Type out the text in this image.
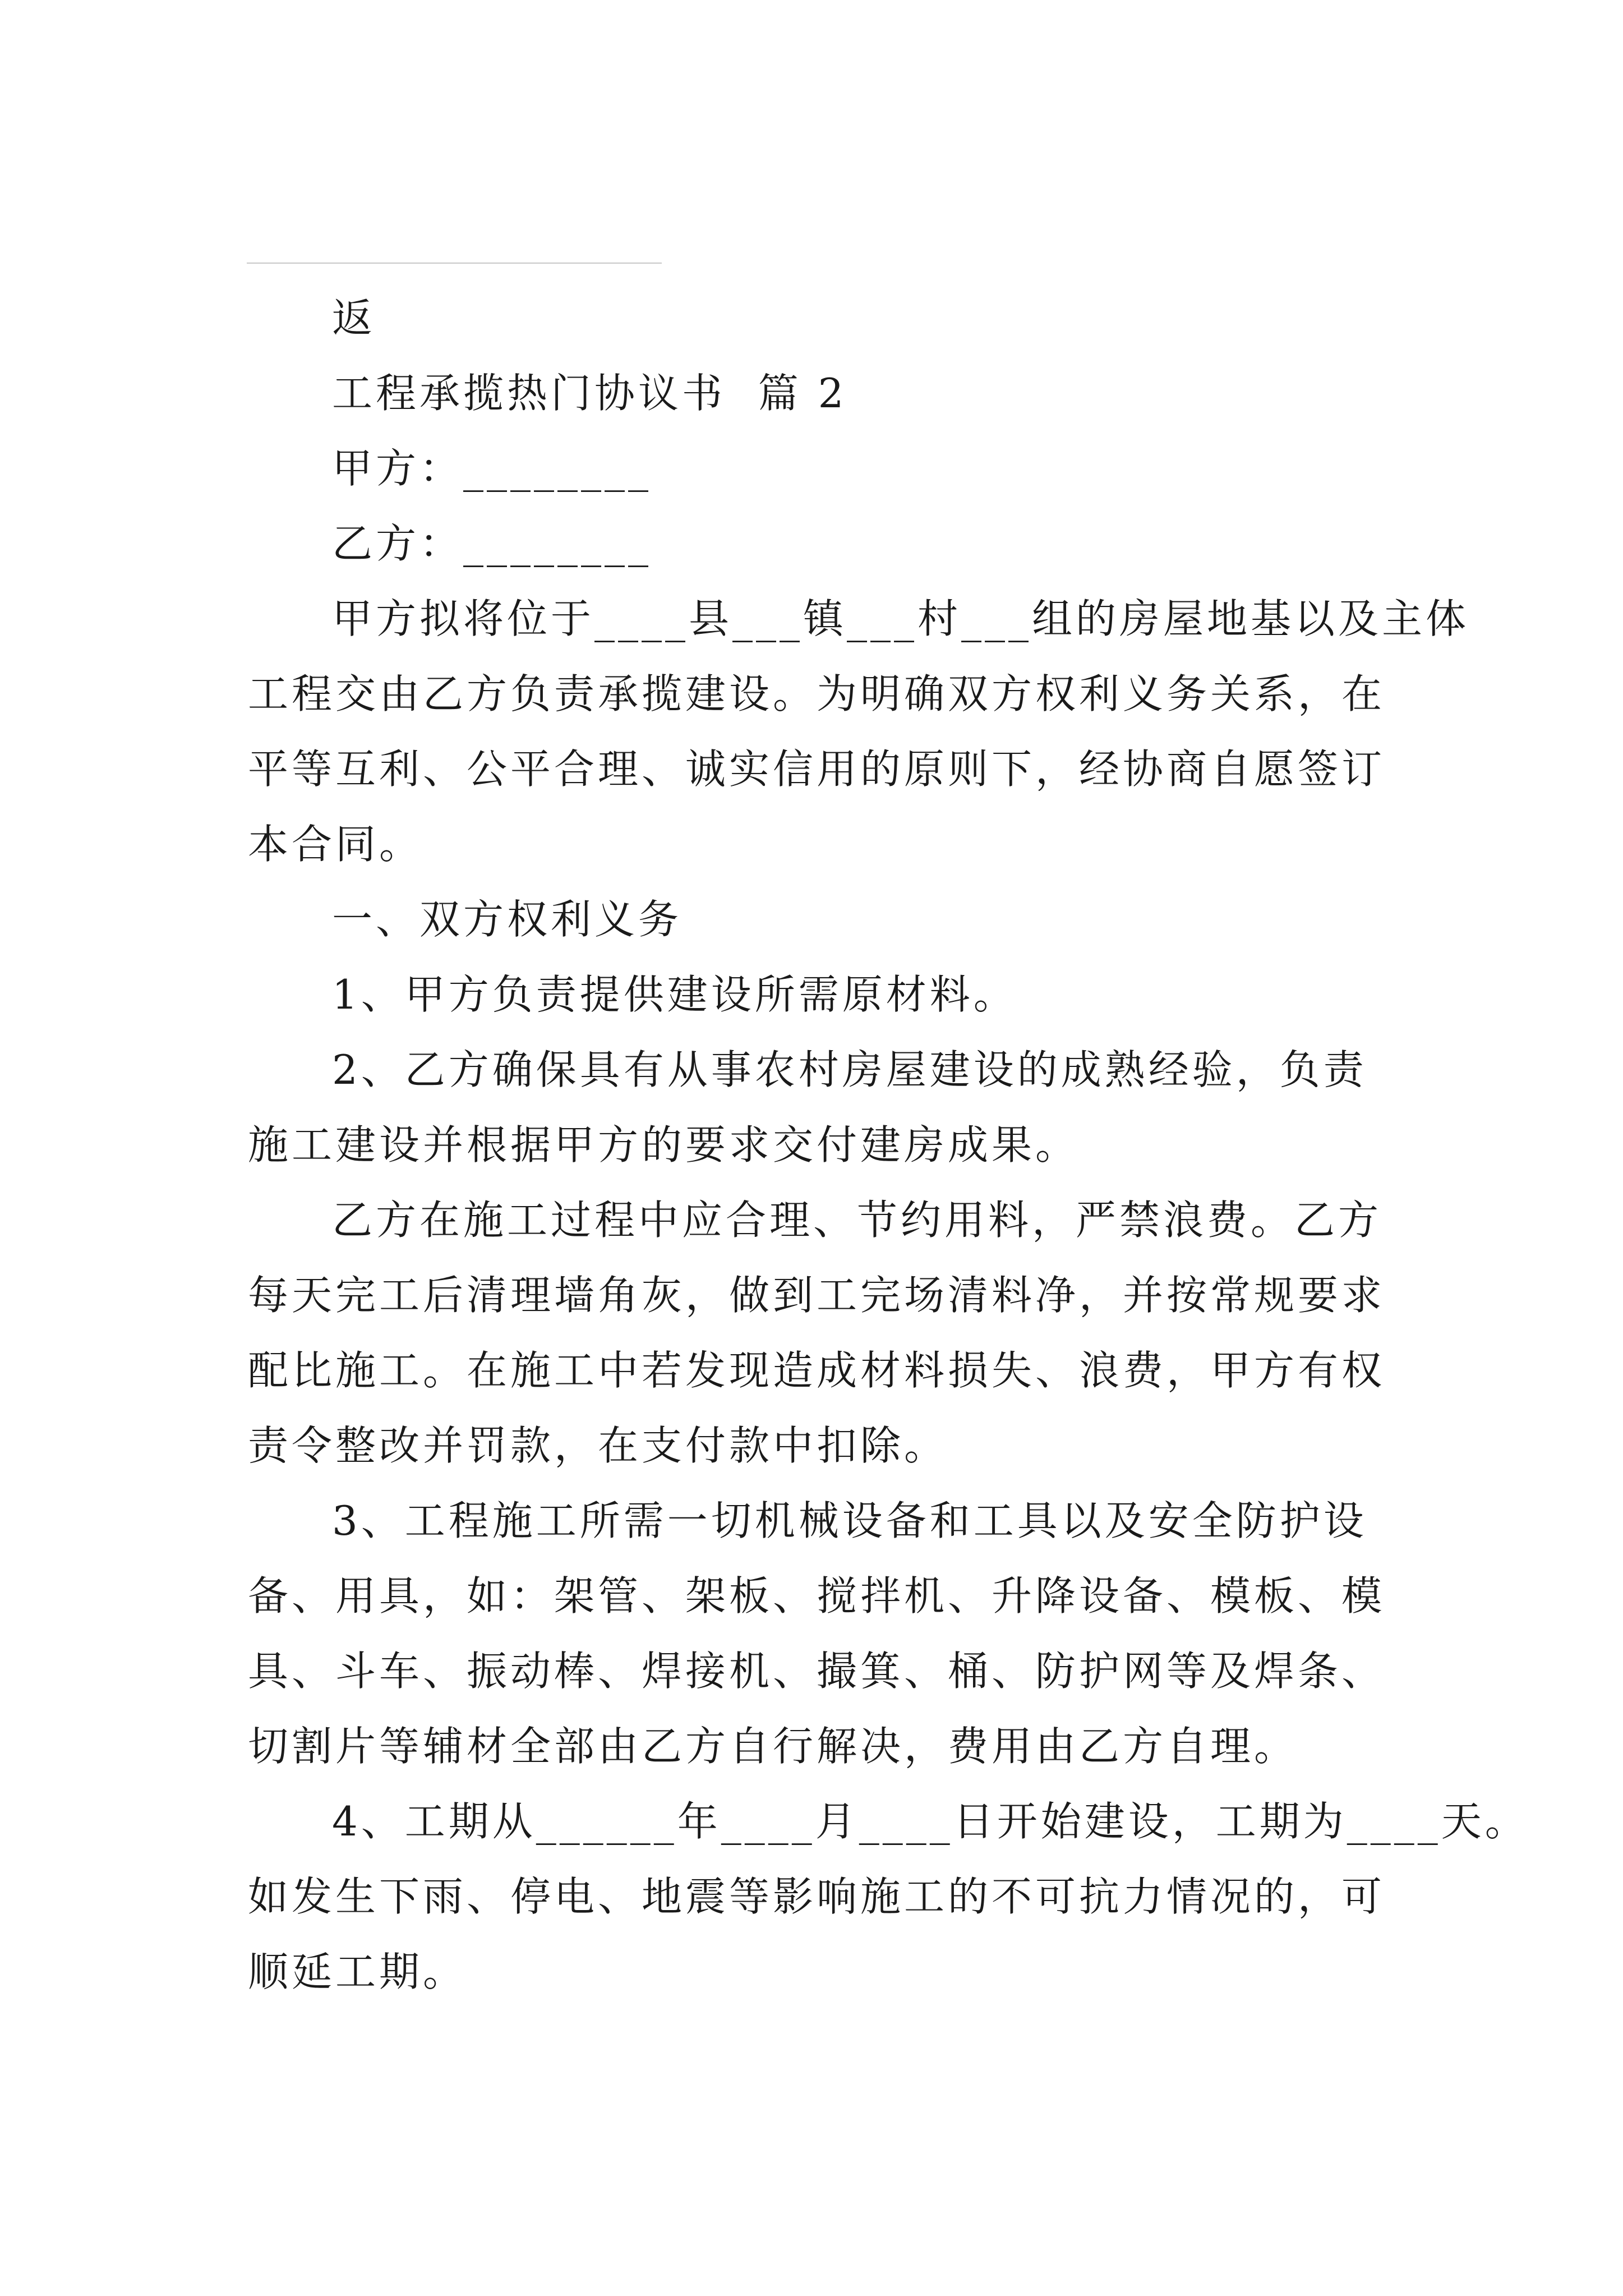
返
工程承揽热门协议书  篇 2
甲方：________
乙方：________
甲方拟将位于____县___镇___村___组的房屋地基以及主体
工程交由乙方负责承揽建设。为明确双方权利义务关系，在
平等互利、公平合理、诚实信用的原则下，经协商自愿签订
本合同。
一、双方权利义务
1、甲方负责提供建设所需原材料。
2、乙方确保具有从事农村房屋建设的成熟经验，负责
施工建设并根据甲方的要求交付建房成果。
乙方在施工过程中应合理、节约用料，严禁浪费。乙方
每天完工后清理墙角灰，做到工完场清料净，并按常规要求
配比施工。在施工中若发现造成材料损失、浪费，甲方有权
责令整改并罚款，在支付款中扣除。
3、工程施工所需一切机械设备和工具以及安全防护设
备、用具，如：架管、架板、搅拌机、升降设备、模板、模
具、斗车、振动棒、焊接机、撮箕、桶、防护网等及焊条、
切割片等辅材全部由乙方自行解决，费用由乙方自理。
4、工期从______年____月____日开始建设，工期为____天。
如发生下雨、停电、地震等影响施工的不可抗力情况的，可
顺延工期。
